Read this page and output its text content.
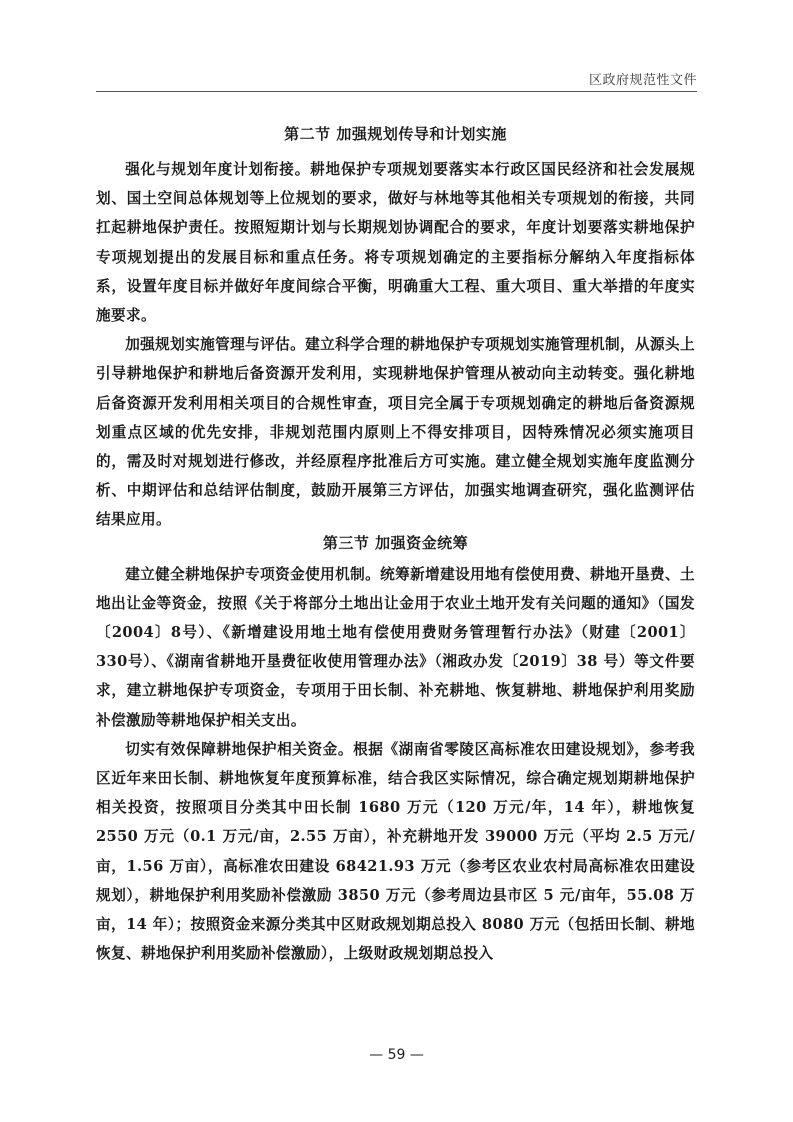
区政府规范性文件
第二节 加强规划传导和计划实施

强化与规划年度计划衔接。耕地保护专项规划要落实本行政区国民经济和社会发展规划、国土空间总体规划等上位规划的要求，做好与林地等其他相关专项规划的衔接，共同扛起耕地保护责任。按照短期计划与长期规划协调配合的要求，年度计划要落实耕地保护专项规划提出的发展目标和重点任务。将专项规划确定的主要指标分解纳入年度指标体系，设置年度目标并做好年度间综合平衡，明确重大工程、重大项目、重大举措的年度实施要求。

加强规划实施管理与评估。建立科学合理的耕地保护专项规划实施管理机制，从源头上引导耕地保护和耕地后备资源开发利用，实现耕地保护管理从被动向主动转变。强化耕地后备资源开发利用相关项目的合规性审查，项目完全属于专项规划确定的耕地后备资源规划重点区域的优先安排，非规划范围内原则上不得安排项目，因特殊情况必须实施项目的，需及时对规划进行修改，并经原程序批准后方可实施。建立健全规划实施年度监测分析、中期评估和总结评估制度，鼓励开展第三方评估，加强实地调查研究，强化监测评估结果应用。

第三节 加强资金统筹

建立健全耕地保护专项资金使用机制。统筹新增建设用地有偿使用费、耕地开垦费、土地出让金等资金，按照《关于将部分土地出让金用于农业土地开发有关问题的通知》（国发〔2004〕8号）、《新增建设用地土地有偿使用费财务管理暂行办法》（财建〔2001〕330号）、《湖南省耕地开垦费征收使用管理办法》（湘政办发〔2019〕38 号）等文件要求，建立耕地保护专项资金，专项用于田长制、补充耕地、恢复耕地、耕地保护利用奖励补偿激励等耕地保护相关支出。

切实有效保障耕地保护相关资金。根据《湖南省零陵区高标准农田建设规划》，参考我区近年来田长制、耕地恢复年度预算标准，结合我区实际情况，综合确定规划期耕地保护相关投资，按照项目分类其中田长制 1680 万元（120 万元/年，14 年），耕地恢复 2550 万元（0.1 万元/亩，2.55 万亩），补充耕地开发 39000 万元（平均 2.5 万元/亩，1.56 万亩），高标准农田建设 68421.93 万元（参考区农业农村局高标准农田建设规划），耕地保护利用奖励补偿激励 3850 万元（参考周边县市区 5 元/亩年，55.08 万亩，14 年）；按照资金来源分类其中区财政规划期总投入 8080 万元（包括田长制、耕地恢复、耕地保护利用奖励补偿激励），上级财政规划期总投入

— 59 —
